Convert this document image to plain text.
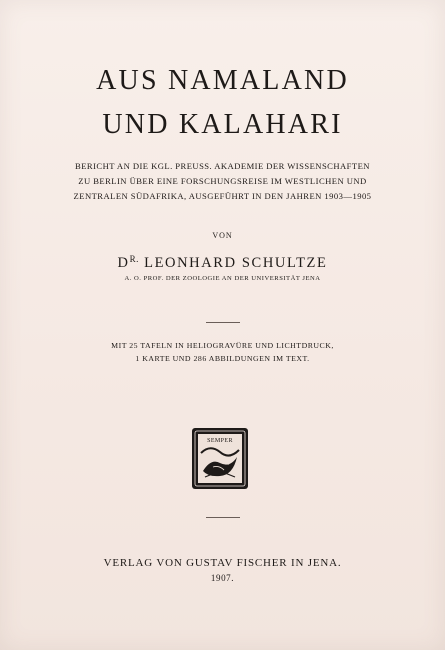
AUS NAMALAND
UND KALAHARI
BERICHT AN DIE KGL. PREUSS. AKADEMIE DER WISSENSCHAFTEN
ZU BERLIN ÜBER EINE FORSCHUNGSREISE IM WESTLICHEN UND
ZENTRALEN SÜDAFRIKA, AUSGEFÜHRT IN DEN JAHREN 1903—1905
VON
$D^{R.}$ LEONHARD SCHULTZE
A. O. PROF. DER ZOOLOGIE AN DER UNIVERSITÄT JENA
MIT 25 TAFELN IN HELIOGRAVÜRE UND LICHTDRUCK,
1 KARTE UND 286 ABBILDUNGEN IM TEXT.
SEMPER
VERLAG VON GUSTAV FISCHER IN JENA.
1907.
